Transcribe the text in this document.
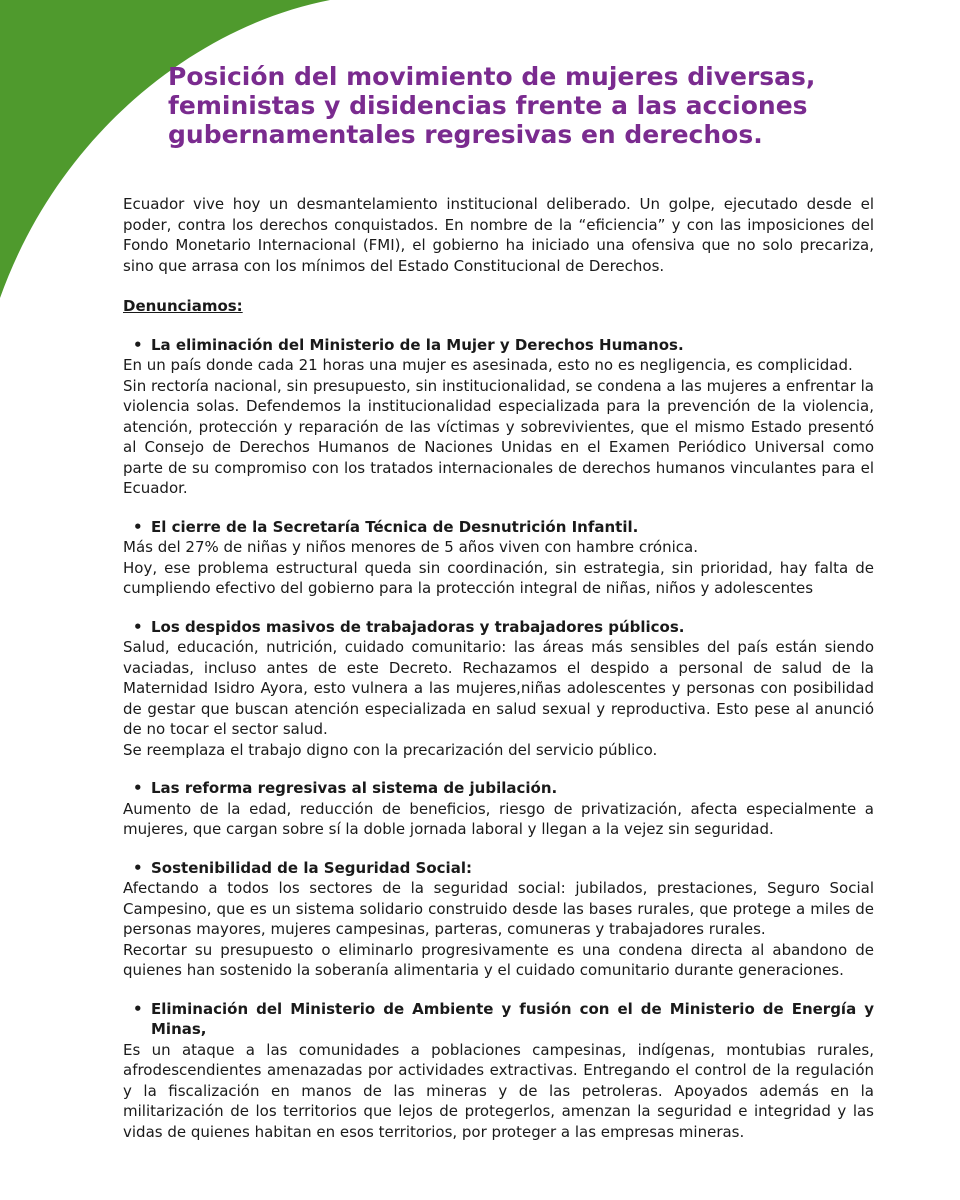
Posición del movimiento de mujeres diversas, feministas y disidencias frente a las acciones gubernamentales regresivas en derechos.

Ecuador vive hoy un desmantelamiento institucional deliberado. Un golpe, ejecutado desde el poder, contra los derechos conquistados. En nombre de la “eficiencia” y con las imposiciones del Fondo Monetario Internacional (FMI), el gobierno ha iniciado una ofensiva que no solo precariza, sino que arrasa con los mínimos del Estado Constitucional de Derechos.

Denunciamos:

• La eliminación del Ministerio de la Mujer y Derechos Humanos.

En un país donde cada 21 horas una mujer es asesinada, esto no es negligencia, es complicidad.

Sin rectoría nacional, sin presupuesto, sin institucionalidad, se condena a las mujeres a enfrentar la violencia solas. Defendemos la institucionalidad especializada para la prevención de la violencia, atención, protección y reparación de las víctimas y sobrevivientes, que el mismo Estado presentó al Consejo de Derechos Humanos de Naciones Unidas en el Examen Periódico Universal como parte de su compromiso con los tratados internacionales de derechos humanos vinculantes para el Ecuador.

• El cierre de la Secretaría Técnica de Desnutrición Infantil.

Más del 27% de niñas y niños menores de 5 años viven con hambre crónica.

Hoy, ese problema estructural queda sin coordinación, sin estrategia, sin prioridad, hay falta de cumpliendo efectivo del gobierno para la protección integral de niñas, niños y adolescentes

• Los despidos masivos de trabajadoras y trabajadores públicos.

Salud, educación, nutrición, cuidado comunitario: las áreas más sensibles del país están siendo vaciadas, incluso antes de este Decreto. Rechazamos el despido a personal de salud de la Maternidad Isidro Ayora, esto vulnera a las mujeres,niñas adolescentes y personas con posibilidad de gestar que buscan atención especializada en salud sexual y reproductiva. Esto pese al anunció de no tocar el sector salud.

Se reemplaza el trabajo digno con la precarización del servicio público.

• Las reforma regresivas al sistema de jubilación.

Aumento de la edad, reducción de beneficios, riesgo de privatización, afecta especialmente a mujeres, que cargan sobre sí la doble jornada laboral y llegan a la vejez sin seguridad.

• Sostenibilidad de la Seguridad Social:

Afectando a todos los sectores de la seguridad social: jubilados, prestaciones, Seguro Social Campesino, que es un sistema solidario construido desde las bases rurales, que protege a miles de personas mayores, mujeres campesinas, parteras, comuneras y trabajadores rurales.

Recortar su presupuesto o eliminarlo progresivamente es una condena directa al abandono de quienes han sostenido la soberanía alimentaria y el cuidado comunitario durante generaciones.

• Eliminación del Ministerio de Ambiente y fusión con el de Ministerio de Energía y Minas,

Es un ataque a las comunidades a poblaciones campesinas, indígenas, montubias rurales, afrodescendientes amenazadas por actividades extractivas. Entregando el control de la regulación y la fiscalización en manos de las mineras y de las petroleras. Apoyados además en la militarización de los territorios que lejos de protegerlos, amenzan la seguridad e integridad y las vidas de quienes habitan en esos territorios, por proteger a las empresas mineras.
